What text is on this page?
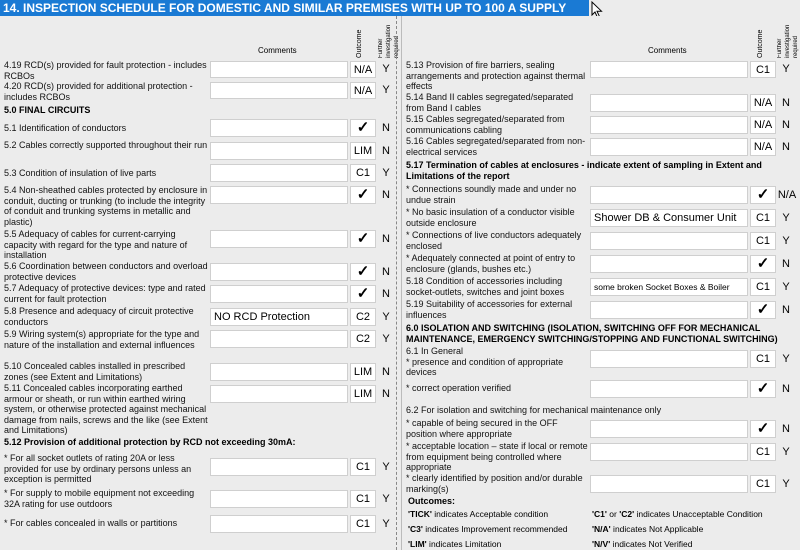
14. INSPECTION SCHEDULE FOR DOMESTIC AND SIMILAR PREMISES WITH UP TO 100 A SUPPLY
Comments	Outcome	Further investigation required
4.19 RCD(s) provided for fault protection - includes RCBOs	N/A Y
4.20 RCD(s) provided for additional protection - includes RCBOs	N/A Y
5.0 FINAL CIRCUITS
5.1 Identification of conductors	✓	N
5.2 Cables correctly supported throughout their run	LIM N
5.3 Condition of insulation of live parts	C1	Y
5.4 Non-sheathed cables protected by enclosure in conduit, ducting or trunking (to include the integrity of conduit and trunking systems in metallic and plastic)
✓	N
5.5 Adequacy of cables for current-carrying capacity with regard for the type and nature of installation
✓	N
5.6 Coordination between conductors and overload protective devices	✓	N
5.7 Adequacy of protective devices: type and rated current for fault protection	✓	N
5.8 Presence and adequacy of circuit protective conductors	NO RCD Protection	C2	Y
5.9 Wiring system(s) appropriate for the type and nature of the installation and external influences	C2	Y
5.10 Concealed cables installed in prescribed zones (see Extent and Limitations)	LIM N
5.11 Concealed cables incorporating earthed armour or sheath, or run within earthed wiring system, or otherwise protected against mechanical damage from nails, screws and the like (see Extent and Limitations)
LIM N
5.12 Provision of additional protection by RCD not exceeding 30mA:
* For all socket outlets of rating 20A or less provided for use by ordinary persons unless an exception is permitted
C1	Y
* For supply to mobile equipment not exceeding 32A rating for use outdoors	C1	Y
* For cables concealed in walls or partitions	C1	Y
Comments	Outcome Further investigation required
5.13 Provision of fire barriers, sealing arrangements and protection against thermal effects
C1	Y
5.14 Band II cables segregated/separated from Band I cables	N/A N
5.15 Cables segregated/separated from communications cabling	N/A N
5.16 Cables segregated/separated from non-electrical services	N/A N
5.17 Termination of cables at enclosures - indicate extent of sampling in Extent and Limitations of the report
* Connections soundly made and under no undue strain	✓ N/A
* No basic insulation of a conductor visible outside enclosure	Shower DB & Consumer Unit	C1	Y
* Connections of live conductors adequately enclosed	C1	Y
* Adequately connected at point of entry to enclosure (glands, bushes etc.)	✓	N
5.18 Condition of accessories including socket-outlets, switches and joint boxes	some broken Socket Boxes & Boiler	C1	Y
5.19 Suitability of accessories for external influences	✓	N
6.0 ISOLATION AND SWITCHING (ISOLATION, SWITCHING OFF FOR MECHANICAL MAINTENANCE, EMERGENCY SWITCHING/STOPPING AND FUNCTIONAL SWITCHING)
6.1 In General
* presence and condition of appropriate devices
C1	Y
* correct operation verified	✓	N
6.2 For isolation and switching for mechanical maintenance only
* capable of being secured in the OFF position where appropriate	✓	N
* acceptable location – state if local or remote from equipment being controlled where appropriate
C1	Y
* clearly identified by position and/or durable marking(s)	C1	Y
Outcomes:
'TICK' indicates Acceptable condition	'C1' or 'C2' indicates Unacceptable Condition
'C3' indicates Improvement recommended	'N/A' indicates Not Applicable
'LIM' indicates Limitation	'N/V' indicates Not Verified
